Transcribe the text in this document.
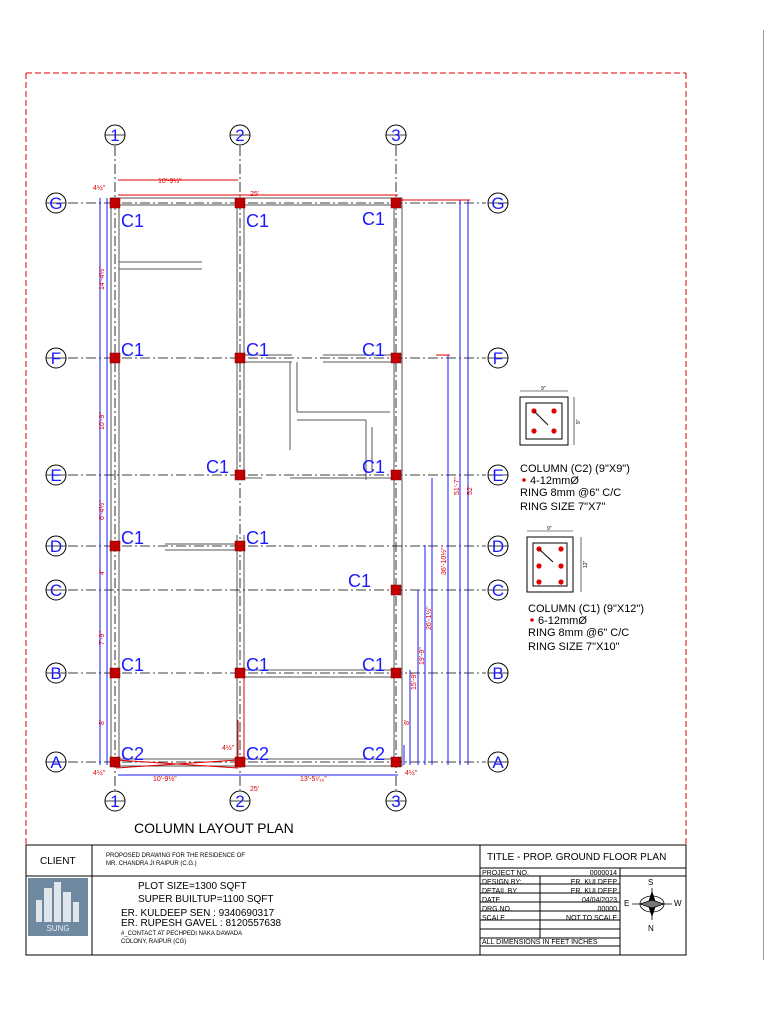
1
1
2
2
3
3
G	G
F	F
E	E
D	D
C	C
B	B
A	A
10'-9½"
25'
10'-9½"
25'
13'-5⁷⁄₁₆"
4½"
4½"
4½"
4½"
14'-4½"
10'-9"
6'-4½"
4'
7'-9"
8'
51'-7" 52'
36'-10½"
26'-1½"
19'-9"
15'-9"
8'
C1	C1	C1
C1	C1	C1
C1	C1
C1	C1
C1
C1	C1	C1
C2	C2	C2
9"
9"
COLUMN (C2) (9"X9")
4-12mmØ
RING 8mm @6" C/C
RING SIZE 7"X7"
9"
12"
COLUMN (C1) (9"X12")
6-12mmØ
RING 8mm @6" C/C
RING SIZE 7"X10"
COLUMN LAYOUT PLAN
CLIENT	PROPOSED DRAWING FOR THE RESIDENCE OF
MR. CHANDRA JI RAIPUR (C.G.)
TITLE - PROP. GROUND FLOOR PLAN
PLOT SIZE=1300 SQFT
SUPER BUILTUP=1100 SQFT
ER. KULDEEP SEN : 9340690317
ER. RUPESH GAVEL : 8120557638
#_CONTACT AT PECHPEDI NAKA DAWADA
COLONY, RAIPUR (CG)
PROJECT NO.	0000014
DESIGN BY:	ER. KULDEEP
DETAIL BY	ER. KULDEEP
DATE	04/04/2023
DRG NO.	00000
SCALE	NOT TO SCALE
ALL DIMENSIONS IN FEET INCHES
S
N
E	W
SUNG
